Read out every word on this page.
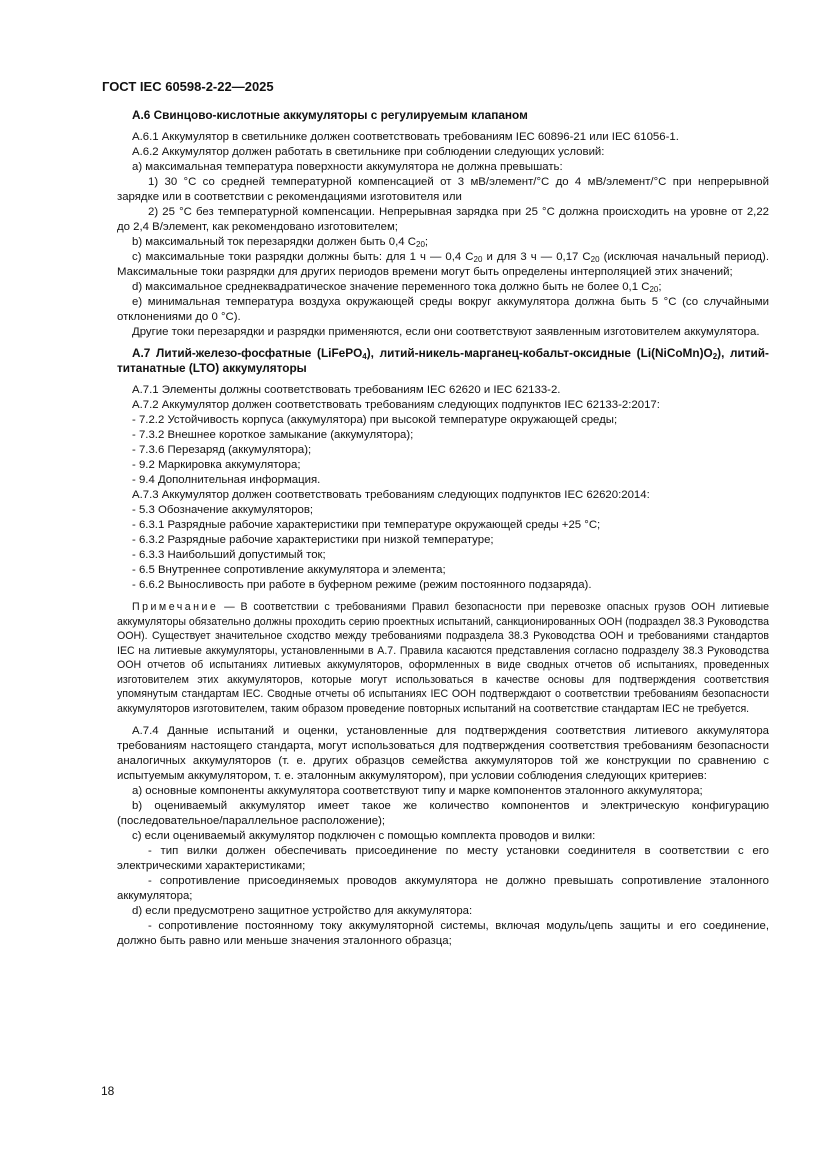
ГОСТ IEC 60598-2-22—2025

А.6 Свинцово-кислотные аккумуляторы с регулируемым клапаном

А.6.1 Аккумулятор в светильнике должен соответствовать требованиям IEC 60896-21 или IEC 61056-1.

А.6.2 Аккумулятор должен работать в светильнике при соблюдении следующих условий:

а) максимальная температура поверхности аккумулятора не должна превышать:

1) 30 °С со средней температурной компенсацией от 3 мВ/элемент/°С до 4 мВ/элемент/°С при непрерывной зарядке или в соответствии с рекомендациями изготовителя или

2) 25 °С без температурной компенсации. Непрерывная зарядка при 25 °С должна происходить на уровне от 2,22 до 2,4 В/элемент, как рекомендовано изготовителем;

b) максимальный ток перезарядки должен быть 0,4 $C_{20}$;

с) максимальные токи разрядки должны быть: для 1 ч — 0,4 $C_{20}$ и для 3 ч — 0,17 $C_{20}$ (исключая начальный период). Максимальные токи разрядки для других периодов времени могут быть определены интерполяцией этих значений;

d) максимальное среднеквадратическое значение переменного тока должно быть не более 0,1 $C_{20}$;

е) минимальная температура воздуха окружающей среды вокруг аккумулятора должна быть 5 °С (со случайными отклонениями до 0 °С).

Другие токи перезарядки и разрядки применяются, если они соответствуют заявленным изготовителем аккумулятора.

А.7 Литий-железо-фосфатные (LiFePO$_4$), литий-никель-марганец-кобальт-оксидные $(Li(NiCoMn)O_2)$, литий-титанатные (LTO) аккумуляторы

А.7.1 Элементы должны соответствовать требованиям IEC 62620 и IEC 62133-2.

А.7.2 Аккумулятор должен соответствовать требованиям следующих подпунктов IEC 62133-2:2017:

- 7.2.2 Устойчивость корпуса (аккумулятора) при высокой температуре окружающей среды;

- 7.3.2 Внешнее короткое замыкание (аккумулятора);

- 7.3.6 Перезаряд (аккумулятора);

- 9.2 Маркировка аккумулятора;

- 9.4 Дополнительная информация.

А.7.3 Аккумулятор должен соответствовать требованиям следующих подпунктов IEC 62620:2014:

- 5.3 Обозначение аккумуляторов;

- 6.3.1 Разрядные рабочие характеристики при температуре окружающей среды +25 °С;

- 6.3.2 Разрядные рабочие характеристики при низкой температуре;

- 6.3.3 Наибольший допустимый ток;

- 6.5 Внутреннее сопротивление аккумулятора и элемента;

- 6.6.2 Выносливость при работе в буферном режиме (режим постоянного подзаряда).

Примечание — В соответствии с требованиями Правил безопасности при перевозке опасных грузов ООН литиевые аккумуляторы обязательно должны проходить серию проектных испытаний, санкционированных ООН (подраздел 38.3 Руководства ООН). Существует значительное сходство между требованиями подраздела 38.3 Руководства ООН и требованиями стандартов IEC на литиевые аккумуляторы, установленными в А.7. Правила касаются представления согласно подразделу 38.3 Руководства ООН отчетов об испытаниях литиевых аккумуляторов, оформленных в виде сводных отчетов об испытаниях, проведенных изготовителем этих аккумуляторов, которые могут использоваться в качестве основы для подтверждения соответствия упомянутым стандартам IEC. Сводные отчеты об испытаниях IEC ООН подтверждают о соответствии требованиям безопасности аккумуляторов изготовителем, таким образом проведение повторных испытаний на соответствие стандартам IEC не требуется.

А.7.4 Данные испытаний и оценки, установленные для подтверждения соответствия литиевого аккумулятора требованиям настоящего стандарта, могут использоваться для подтверждения соответствия требованиям безопасности аналогичных аккумуляторов (т. е. других образцов семейства аккумуляторов той же конструкции по сравнению с испытуемым аккумулятором, т. е. эталонным аккумулятором), при условии соблюдения следующих критериев:

а) основные компоненты аккумулятора соответствуют типу и марке компонентов эталонного аккумулятора;

b) оцениваемый аккумулятор имеет такое же количество компонентов и электрическую конфигурацию (последовательное/параллельное расположение);

с) если оцениваемый аккумулятор подключен с помощью комплекта проводов и вилки:

- тип вилки должен обеспечивать присоединение по месту установки соединителя в соответствии с его электрическими характеристиками;

- сопротивление присоединяемых проводов аккумулятора не должно превышать сопротивление эталонного аккумулятора;

d) если предусмотрено защитное устройство для аккумулятора:

- сопротивление постоянному току аккумуляторной системы, включая модуль/цепь защиты и его соединение, должно быть равно или меньше значения эталонного образца;

18
